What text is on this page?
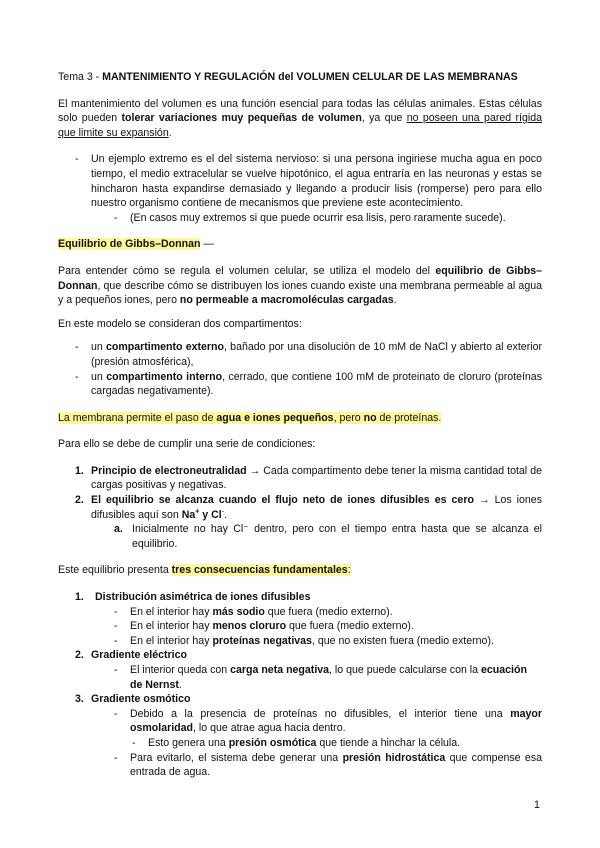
Tema 3 - MANTENIMIENTO Y REGULACIÓN del VOLUMEN CELULAR DE LAS MEMBRANAS

El mantenimiento del volumen es una función esencial para todas las células animales. Estas células solo pueden tolerar variaciones muy pequeñas de volumen, ya que no poseen una pared rígida que limite su expansión.

- Un ejemplo extremo es el del sistema nervioso: si una persona ingiriese mucha agua en poco tiempo, el medio extracelular se vuelve hipotónico, el agua entraría en las neuronas y estas se hincharon hasta expandirse demasiado y llegando a producir lisis (romperse) pero para ello nuestro organismo contiene de mecanismos que previene este acontecimiento.
- (En casos muy extremos si que puede ocurrir esa lisis, pero raramente sucede).

Equilibrio de Gibbs–Donnan —

Para entender cómo se regula el volumen celular, se utiliza el modelo del equilibrio de Gibbs–Donnan, que describe cómo se distribuyen los iones cuando existe una membrana permeable al agua y a pequeños iones, pero no permeable a macromoléculas cargadas.

En este modelo se consideran dos compartimentos:

- un compartimento externo, bañado por una disolución de 10 mM de NaCl y abierto al exterior (presión atmosférica),
- un compartimento interno, cerrado, que contiene 100 mM de proteinato de cloruro (proteínas cargadas negativamente).

La membrana permite el paso de agua e iones pequeños, pero no de proteínas.

Para ello se debe de cumplir una serie de condiciones:

1. Principio de electroneutralidad → Cada compartimento debe tener la misma cantidad total de cargas positivas y negativas.
2. El equilibrio se alcanza cuando el flujo neto de iones difusibles es cero → Los iones difusibles aquí son Na+ y Cl-.
a. Inicialmente no hay Cl⁻ dentro, pero con el tiempo entra hasta que se alcanza el equilibrio.

Este equilibrio presenta tres consecuencias fundamentales:

1. Distribución asimétrica de iones difusibles
- En el interior hay más sodio que fuera (medio externo).
- En el interior hay menos cloruro que fuera (medio externo).
- En el interior hay proteínas negativas, que no existen fuera (medio externo).
2. Gradiente eléctrico
- El interior queda con carga neta negativa, lo que puede calcularse con la ecuación de Nernst.
3. Gradiente osmótico
- Debido a la presencia de proteínas no difusibles, el interior tiene una mayor osmolaridad, lo que atrae agua hacia dentro.
- Esto genera una presión osmótica que tiende a hinchar la célula.
- Para evitarlo, el sistema debe generar una presión hidrostática que compense esa entrada de agua.
1
